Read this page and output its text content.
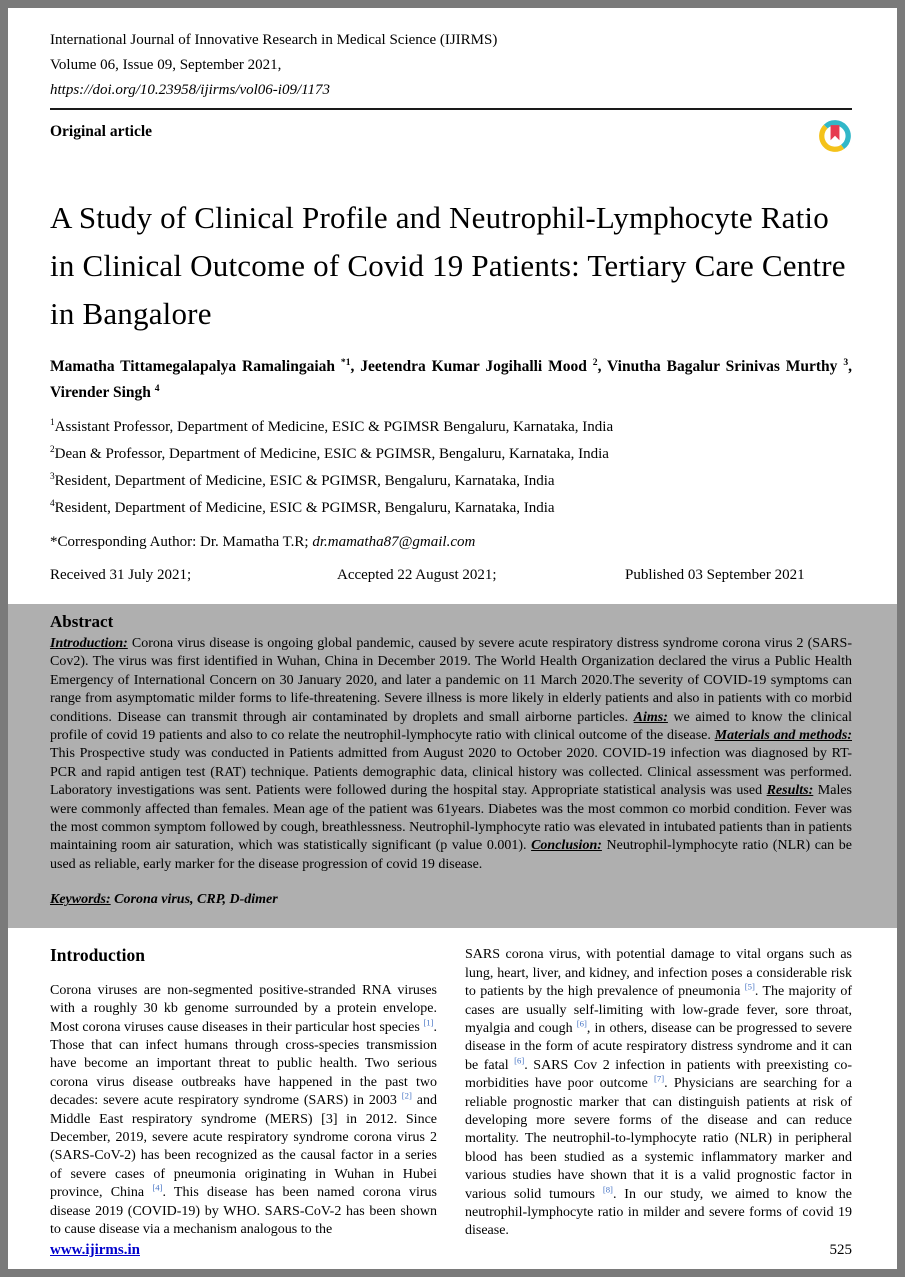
International Journal of Innovative Research in Medical Science (IJIRMS)
Volume 06, Issue 09, September 2021,
https://doi.org/10.23958/ijirms/vol06-i09/1173
Original article
A Study of Clinical Profile and Neutrophil-Lymphocyte Ratio in Clinical Outcome of Covid 19 Patients: Tertiary Care Centre in Bangalore
Mamatha Tittamegalapalya Ramalingaiah $^{*1}$, Jeetendra Kumar Jogihalli Mood $^2$, Vinutha Bagalur Srinivas Murthy $^3$, Virender Singh $^4$
$^1$Assistant Professor, Department of Medicine, ESIC & PGIMSR Bengaluru, Karnataka, India
$^2$Dean & Professor, Department of Medicine, ESIC & PGIMSR, Bengaluru, Karnataka, India
$^3$Resident, Department of Medicine, ESIC & PGIMSR, Bengaluru, Karnataka, India
$^4$Resident, Department of Medicine, ESIC & PGIMSR, Bengaluru, Karnataka, India
*Corresponding Author: Dr. Mamatha T.R; dr.mamatha87@gmail.com
Received 31 July 2021;	Accepted 22 August 2021;	Published 03 September 2021
Abstract

Introduction: Corona virus disease is ongoing global pandemic, caused by severe acute respiratory distress syndrome corona virus 2 (SARS-Cov2). The virus was first identified in Wuhan, China in December 2019. The World Health Organization declared the virus a Public Health Emergency of International Concern on 30 January 2020, and later a pandemic on 11 March 2020.The severity of COVID-19 symptoms can range from asymptomatic milder forms to life-threatening. Severe illness is more likely in elderly patients and also in patients with co morbid conditions. Disease can transmit through air contaminated by droplets and small airborne particles. Aims: we aimed to know the clinical profile of covid 19 patients and also to co relate the neutrophil-lymphocyte ratio with clinical outcome of the disease. Materials and methods: This Prospective study was conducted in Patients admitted from August 2020 to October 2020. COVID-19 infection was diagnosed by RT-PCR and rapid antigen test (RAT) technique. Patients demographic data, clinical history was collected. Clinical assessment was performed. Laboratory investigations was sent. Patients were followed during the hospital stay. Appropriate statistical analysis was used Results: Males were commonly affected than females. Mean age of the patient was 61years. Diabetes was the most common co morbid condition. Fever was the most common symptom followed by cough, breathlessness. Neutrophil-lymphocyte ratio was elevated in intubated patients than in patients maintaining room air saturation, which was statistically significant (p value 0.001). Conclusion: Neutrophil-lymphocyte ratio (NLR) can be used as reliable, early marker for the disease progression of covid 19 disease.

Keywords: Corona virus, CRP, D-dimer
Introduction

Corona viruses are non-segmented positive-stranded RNA viruses with a roughly 30 kb genome surrounded by a protein envelope. Most corona viruses cause diseases in their particular host species [1]. Those that can infect humans through cross-species transmission have become an important threat to public health. Two serious corona virus disease outbreaks have happened in the past two decades: severe acute respiratory syndrome (SARS) in 2003 [2] and Middle East respiratory syndrome (MERS) [3] in 2012. Since December, 2019, severe acute respiratory syndrome corona virus 2 (SARS-CoV-2) has been recognized as the causal factor in a series of severe cases of pneumonia originating in Wuhan in Hubei province, China [4]. This disease has been named corona virus disease 2019 (COVID-19) by WHO. SARS-CoV-2 has been shown to cause disease via a mechanism analogous to the

SARS corona virus, with potential damage to vital organs such as lung, heart, liver, and kidney, and infection poses a considerable risk to patients by the high prevalence of pneumonia [5]. The majority of cases are usually self-limiting with low-grade fever, sore throat, myalgia and cough [6], in others, disease can be progressed to severe disease in the form of acute respiratory distress syndrome and it can be fatal [6]. SARS Cov 2 infection in patients with preexisting co-morbidities have poor outcome [7]. Physicians are searching for a reliable prognostic marker that can distinguish patients at risk of developing more severe forms of the disease and can reduce mortality. The neutrophil-to-lymphocyte ratio (NLR) in peripheral blood has been studied as a systemic inflammatory marker and various studies have shown that it is a valid prognostic factor in various solid tumours [8]. In our study, we aimed to know the neutrophil-lymphocyte ratio in milder and severe forms of covid 19 disease.

www.ijirms.in	525
